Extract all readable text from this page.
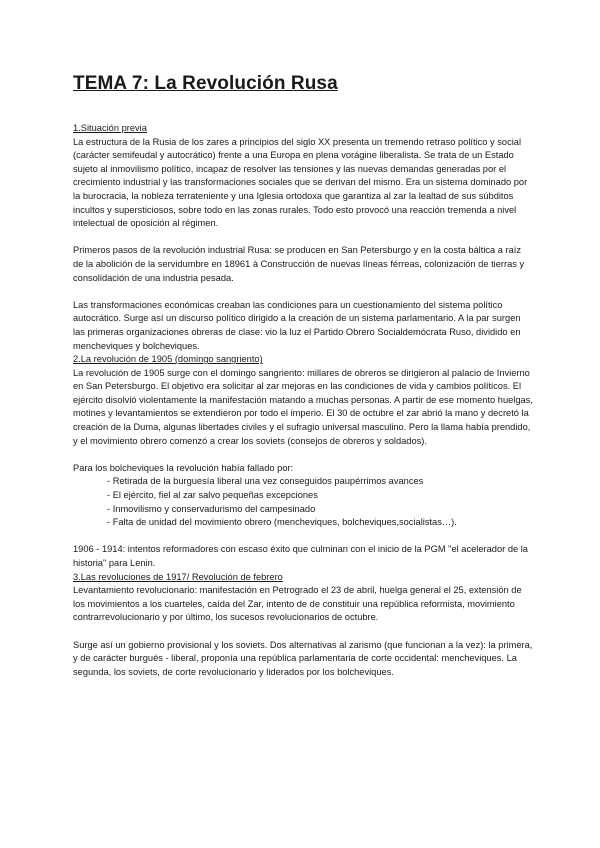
TEMA 7: La Revolución Rusa

1.Situación previa

La estructura de la Rusia de los zares a principios del siglo XX presenta un tremendo retraso político y social (carácter semifeudal y autocrático) frente a una Europa en plena vorágine liberalista. Se trata de un Estado sujeto al inmovilismo político, incapaz de resolver las tensiones y las nuevas demandas generadas por el crecimiento industrial y las transformaciones sociales que se derivan del mismo. Era un sistema dominado por la burocracia, la nobleza terrateniente y una Iglesia ortodoxa que garantiza al zar la lealtad de sus súbditos incultos y supersticiosos, sobre todo en las zonas rurales. Todo esto provocó una reacción tremenda a nivel intelectual de oposición al régimen.

Primeros pasos de la revolución industrial Rusa: se producen en San Petersburgo y en la costa báltica a raíz de la abolición de la servidumbre en 18961 à Construcción de nuevas líneas férreas, colonización de tierras y consolidación de una industria pesada.

Las transformaciones económicas creaban las condiciones para un cuestionamiento del sistema político autocrático. Surge así un discurso político dirigido a la creación de un sistema parlamentario. A la par surgen las primeras organizaciones obreras de clase: vio la luz el Partido Obrero Socialdemócrata Ruso, dividido en mencheviques y bolcheviques.

2.La revolución de 1905 (domingo sangriento)

La revolución de 1905 surge con el domingo sangriento: millares de obreros se dirigieron al palacio de Invierno en San Petersburgo. El objetivo era solicitar al zar mejoras en las condiciones de vida y cambios políticos. El ejército disolvió violentamente la manifestación matando a muchas personas. A partir de ese momento huelgas, motines y levantamientos se extendieron por todo el imperio. El 30 de octubre el zar abrió la mano y decretó la creación de la Duma, algunas libertades civiles y el sufragio universal masculino. Pero la llama había prendido, y el movimiento obrero comenzó a crear los soviets (consejos de obreros y soldados).

Para los bolcheviques la revolución había fallado por:

- Retirada de la burguesía liberal una vez conseguidos paupérrimos avances
- El ejército, fiel al zar salvo pequeñas excepciones
- Inmovilismo y conservadurismo del campesinado
- Falta de unidad del movimiento obrero (mencheviques, bolcheviques,socialistas…).

1906 - 1914: intentos reformadores con escaso éxito que culminan con el inicio de la PGM "el acelerador de la historia" para Lenin.

3.Las revoluciones de 1917/ Revolución de febrero

Levantamiento revolucionario: manifestación en Petrogrado el 23 de abril, huelga general el 25, extensión de los movimientos a los cuarteles, caída del Zar, intento de de constituir una república reformista, movimiento contrarrevolucionario y por último, los sucesos revolucionarios de octubre.

Surge así un gobierno provisional y los soviets. Dos alternativas al zarismo (que funcionan a la vez): la primera, y de carácter burgués - liberal, proponía una república parlamentaria de corte occidental: mencheviques. La segunda, los soviets, de corte revolucionario y liderados por los bolcheviques.
